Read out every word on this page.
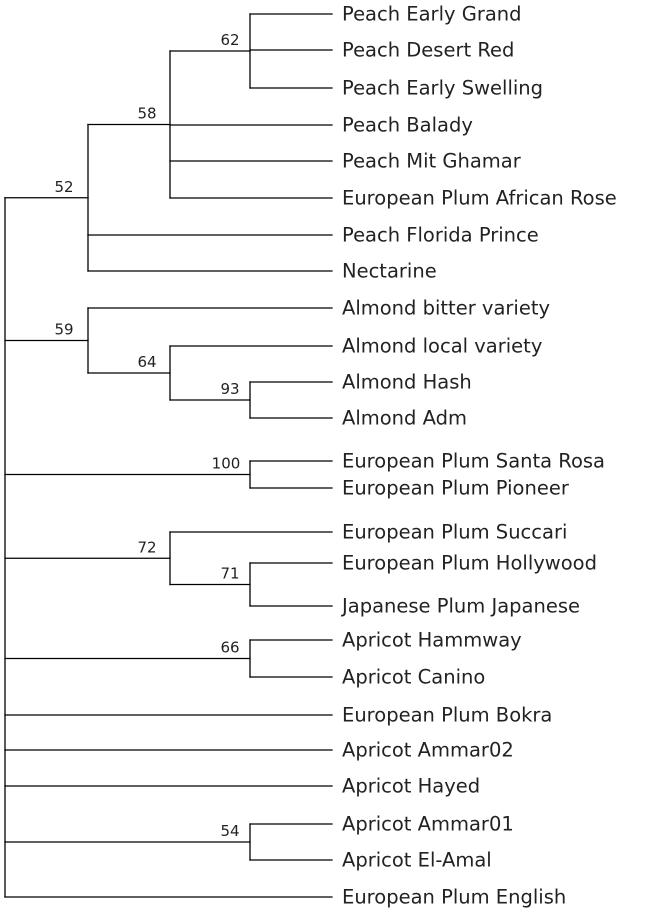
Peach Early Grand
Peach Desert Red
Peach Early Swelling
62
Peach Balady
Peach Mit Ghamar
European Plum African Rose
58
Peach Florida Prince
Nectarine
52
Almond bitter variety
Almond local variety
Almond Hash
Almond Adm
93
64
59
European Plum Santa Rosa
European Plum Pioneer
100
European Plum Succari
European Plum Hollywood
Japanese Plum Japanese
71
72
Apricot Hammway
Apricot Canino
66
European Plum Bokra
Apricot Ammar02
Apricot Hayed
Apricot Ammar01
Apricot El-Amal
54
European Plum English
